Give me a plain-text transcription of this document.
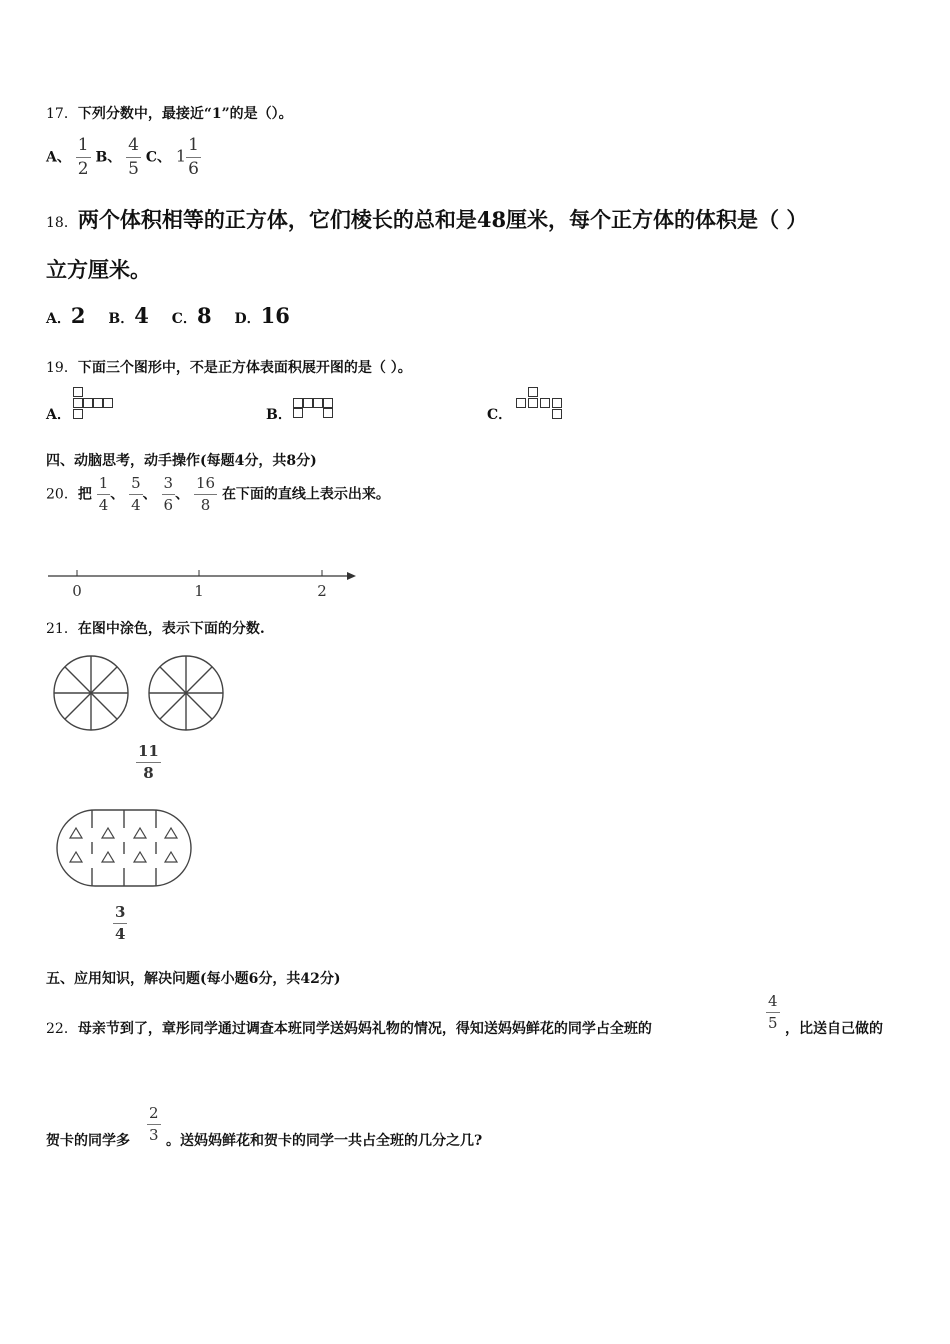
17．下列分数中，最接近“1”的是（）。
A、 $\frac{1}{2}$ B、 $\frac{4}{5}$ C、 $1 \frac{1}{6}$
18．两个体积相等的正方体，它们棱长的总和是48厘米，每个正方体的体积是（ ）
立方厘米。
A．2 B．4 C．8 D．16
19．下面三个图形中，不是正方体表面积展开图的是（ ）。
A．	B．	C．
四、动脑思考，动手操作(每题4分，共8分)
20．把 $\frac{1}{4}$ 、 $\frac{5}{4}$ 、 $\frac{3}{6}$ 、 $\frac{16}{8}$ 在下面的直线上表示出来。
0	1	2
21．在图中涂色，表示下面的分数.
$\frac{11}{8}$
$\frac{3}{4}$
五、应用知识，解决问题(每小题6分，共42分)
22．母亲节到了，章彤同学通过调查本班同学送妈妈礼物的情况，得知送妈妈鲜花的同学占全班的	$\frac{4}{5}$ ，比送自己做的
贺卡的同学多 $\frac{2}{3}$ 。送妈妈鲜花和贺卡的同学一共占全班的几分之几?
